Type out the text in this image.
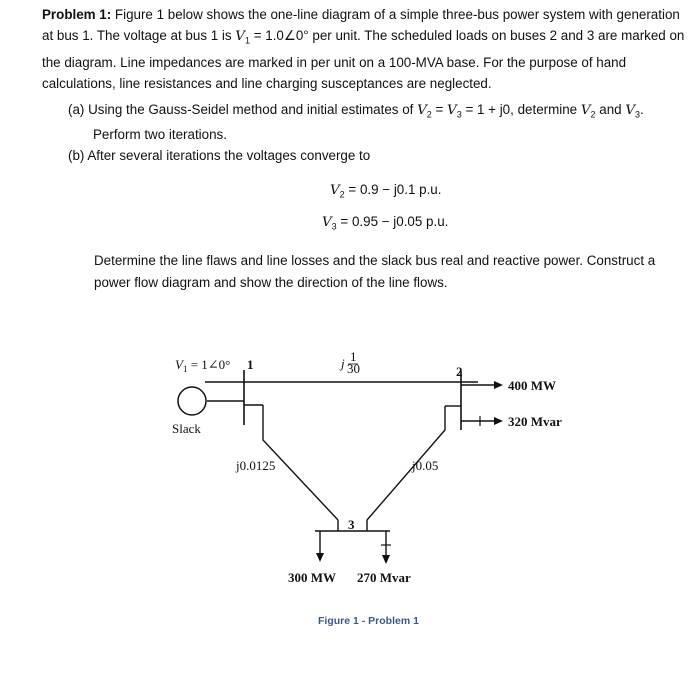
Problem 1: Figure 1 below shows the one-line diagram of a simple three-bus power system with generation at bus 1. The voltage at bus 1 is $V_1$ = 1.0∠0° per unit. The scheduled loads on buses 2 and 3 are marked on the diagram. Line impedances are marked in per unit on a 100-MVA base. For the purpose of hand calculations, line resistances and line charging susceptances are neglected.
(a) Using the Gauss-Seidel method and initial estimates of $V_2 = V_3 = 1 + j0$, determine $V_2$ and $V_3$.
Perform two iterations.
(b) After several iterations the voltages converge to
$V_2 = 0.9 - j0.1$ p.u.
$V_3 = 0.95 - j0.05$ p.u.
Determine the line flaws and line losses and the slack bus real and reactive power. Construct a power flow diagram and show the direction of the line flows.
$V_1$ = 1∠0° 1	2
3
Slack
j 1
30
j0.0125	j0.05
400 MW
320 Mvar
300 MW 270 Mvar
Figure 1 - Problem 1
